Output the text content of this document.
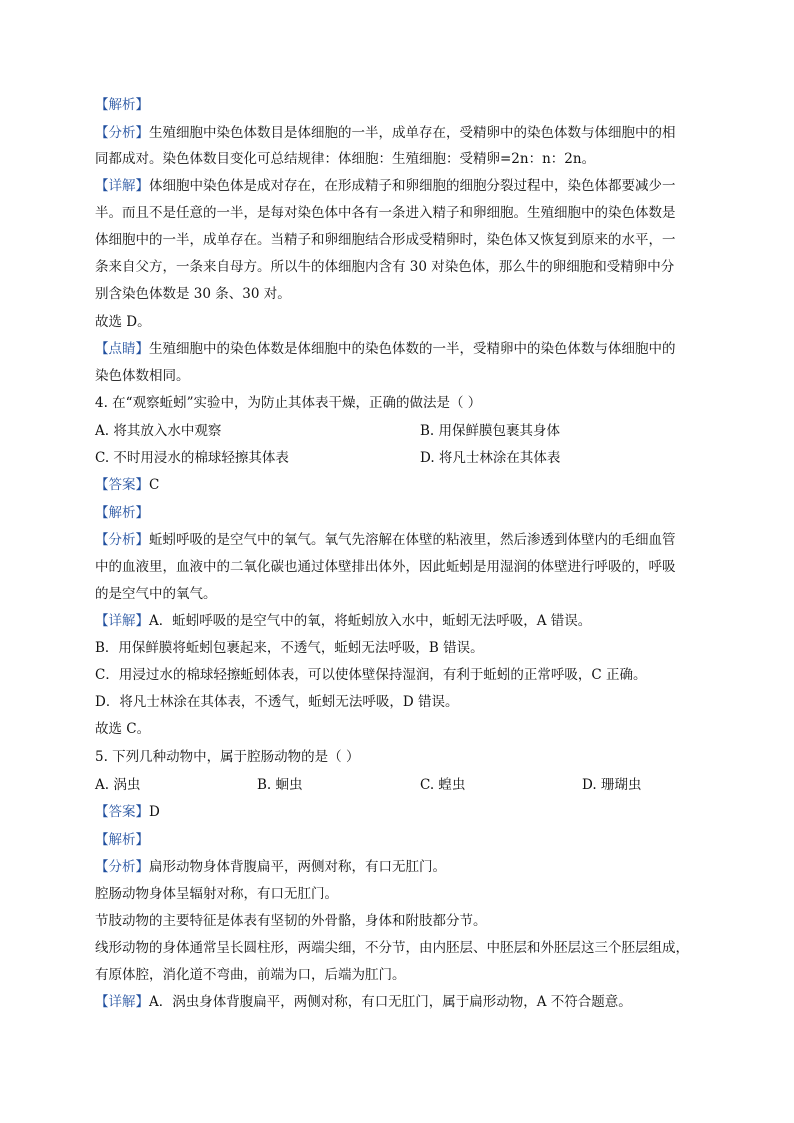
【解析】
【分析】生殖细胞中染色体数目是体细胞的一半，成单存在，受精卵中的染色体数与体细胞中的相
同都成对。染色体数目变化可总结规律：体细胞：生殖细胞：受精卵=2n：n：2n。
【详解】体细胞中染色体是成对存在，在形成精子和卵细胞的细胞分裂过程中，染色体都要减少一
半。而且不是任意的一半，是每对染色体中各有一条进入精子和卵细胞。生殖细胞中的染色体数是
体细胞中的一半，成单存在。当精子和卵细胞结合形成受精卵时，染色体又恢复到原来的水平，一
条来自父方，一条来自母方。所以牛的体细胞内含有 30 对染色体，那么牛的卵细胞和受精卵中分
别含染色体数是 30 条、30 对。
故选 D。
【点睛】生殖细胞中的染色体数是体细胞中的染色体数的一半，受精卵中的染色体数与体细胞中的
染色体数相同。
4. 在“观察蚯蚓”实验中，为防止其体表干燥，正确的做法是（ ）
A. 将其放入水中观察	B. 用保鲜膜包裹其身体
C. 不时用浸水的棉球轻擦其体表	D. 将凡士林涂在其体表
【答案】C
【解析】
【分析】蚯蚓呼吸的是空气中的氧气。氧气先溶解在体壁的粘液里，然后渗透到体壁内的毛细血管
中的血液里，血液中的二氧化碳也通过体壁排出体外，因此蚯蚓是用湿润的体壁进行呼吸的，呼吸
的是空气中的氧气。
【详解】A．蚯蚓呼吸的是空气中的氧，将蚯蚓放入水中，蚯蚓无法呼吸，A 错误。
B．用保鲜膜将蚯蚓包裹起来，不透气，蚯蚓无法呼吸，B 错误。
C．用浸过水的棉球轻擦蚯蚓体表，可以使体壁保持湿润，有利于蚯蚓的正常呼吸，C 正确。
D．将凡士林涂在其体表，不透气，蚯蚓无法呼吸，D 错误。
故选 C。
5. 下列几种动物中，属于腔肠动物的是（ ）
A. 涡虫	B. 蛔虫	C. 蝗虫	D. 珊瑚虫
【答案】D
【解析】
【分析】扁形动物身体背腹扁平，两侧对称，有口无肛门。
腔肠动物身体呈辐射对称，有口无肛门。
节肢动物的主要特征是体表有坚韧的外骨骼，身体和附肢都分节。
线形动物的身体通常呈长圆柱形，两端尖细，不分节，由内胚层、中胚层和外胚层这三个胚层组成，
有原体腔，消化道不弯曲，前端为口，后端为肛门。
【详解】A．涡虫身体背腹扁平，两侧对称，有口无肛门，属于扁形动物，A 不符合题意。
